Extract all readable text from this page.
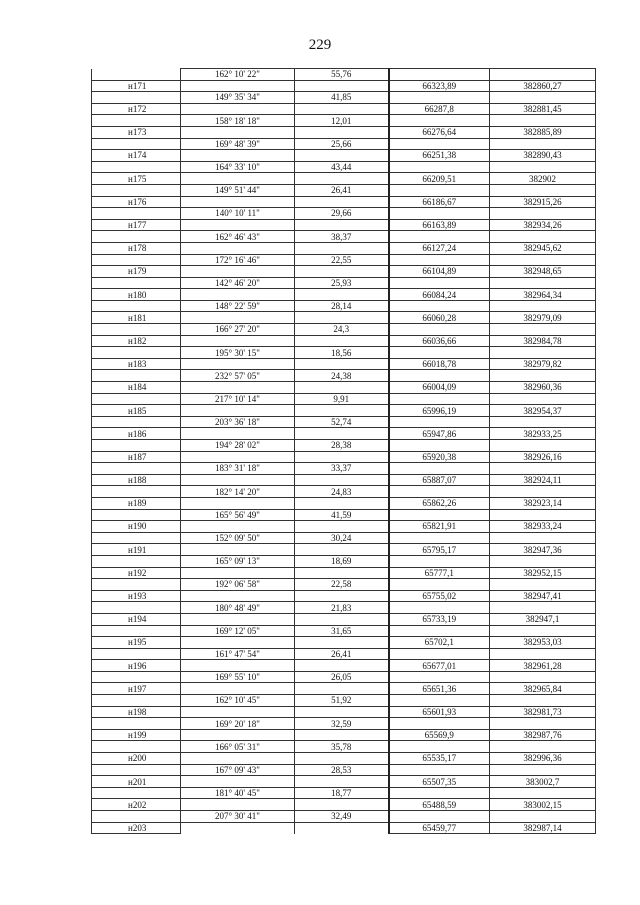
229
	162° 10' 22"	55,76		
н171			66323,89	382860,27
	149° 35' 34"	41,85		
н172			66287,8	382881,45
	158° 18' 18"	12,01		
н173			66276,64	382885,89
	169° 48' 39"	25,66		
н174			66251,38	382890,43
	164° 33' 10"	43,44		
н175			66209,51	382902
	149° 51' 44"	26,41		
н176			66186,67	382915,26
	140° 10' 11"	29,66		
н177			66163,89	382934,26
	162° 46' 43"	38,37		
н178			66127,24	382945,62
	172° 16' 46"	22,55		
н179			66104,89	382948,65
	142° 46' 20"	25,93		
н180			66084,24	382964,34
	148° 22' 59"	28,14		
н181			66060,28	382979,09
	166° 27' 20"	24,3		
н182			66036,66	382984,78
	195° 30' 15"	18,56		
н183			66018,78	382979,82
	232° 57' 05"	24,38		
н184			66004,09	382960,36
	217° 10' 14"	9,91		
н185			65996,19	382954,37
	203° 36' 18"	52,74		
н186			65947,86	382933,25
	194° 28' 02"	28,38		
н187			65920,38	382926,16
	183° 31' 18"	33,37		
н188			65887,07	382924,11
	182° 14' 20"	24,83		
н189			65862,26	382923,14
	165° 56' 49"	41,59		
н190			65821,91	382933,24
	152° 09' 50"	30,24		
н191			65795,17	382947,36
	165° 09' 13"	18,69		
н192			65777,1	382952,15
	192° 06' 58"	22,58		
н193			65755,02	382947,41
	180° 48' 49"	21,83		
н194			65733,19	382947,1
	169° 12' 05"	31,65		
н195			65702,1	382953,03
	161° 47' 54"	26,41		
н196			65677,01	382961,28
	169° 55' 10"	26,05		
н197			65651,36	382965,84
	162° 10' 45"	51,92		
н198			65601,93	382981,73
	169° 20' 18"	32,59		
н199			65569,9	382987,76
	166° 05' 31"	35,78		
н200			65535,17	382996,36
	167° 09' 43"	28,53		
н201			65507,35	383002,7
	181° 40' 45"	18,77		
н202			65488,59	383002,15
	207° 30' 41"	32,49		
н203			65459,77	382987,14
